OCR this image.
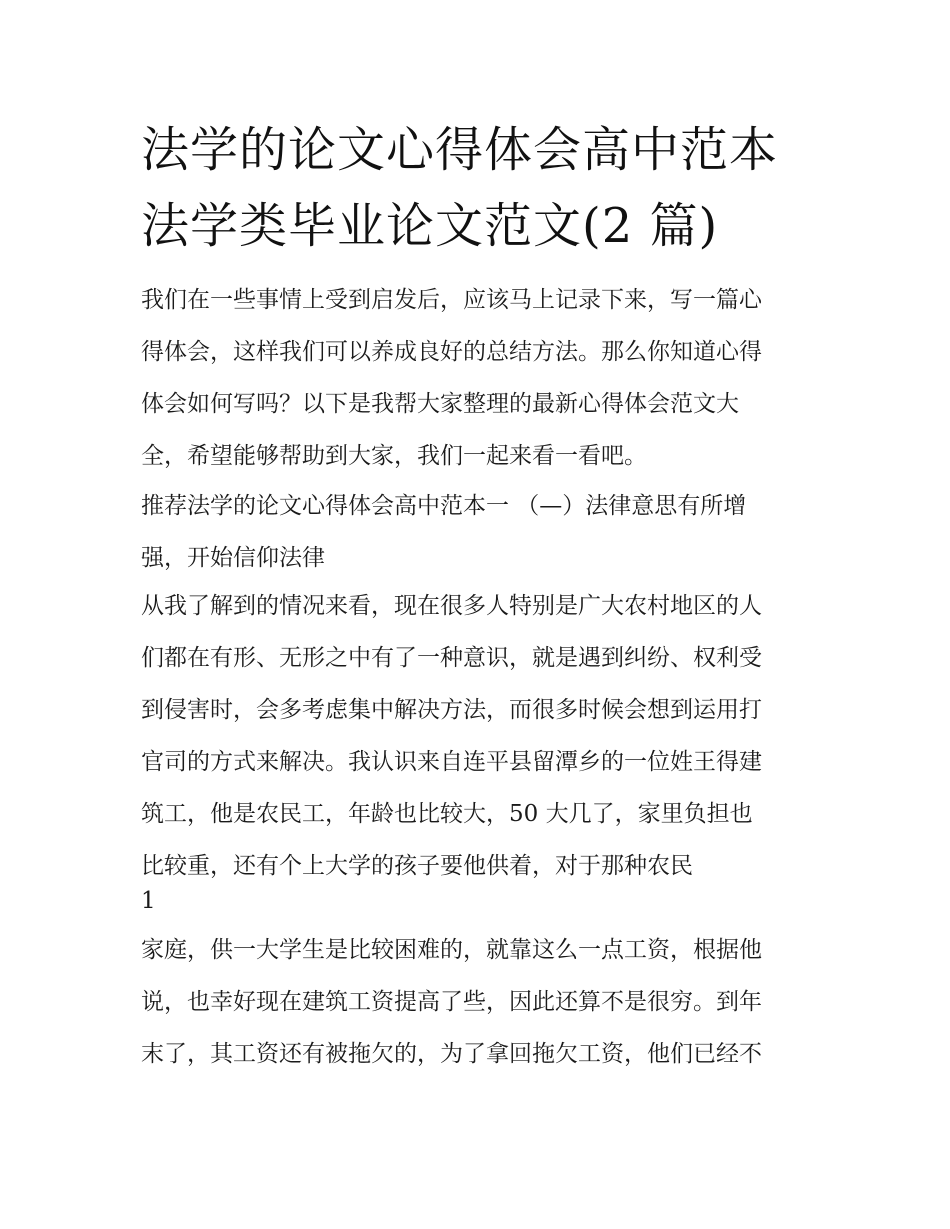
法学的论文心得体会高中范本
法学类毕业论文范文(2 篇)
我们在一些事情上受到启发后，应该马上记录下来，写一篇心
得体会，这样我们可以养成良好的总结方法。那么你知道心得
体会如何写吗？以下是我帮大家整理的最新心得体会范文大
全，希望能够帮助到大家，我们一起来看一看吧。
推荐法学的论文心得体会高中范本一 （—）法律意思有所增
强，开始信仰法律
从我了解到的情况来看，现在很多人特别是广大农村地区的人
们都在有形、无形之中有了一种意识，就是遇到纠纷、权利受
到侵害时，会多考虑集中解决方法，而很多时候会想到运用打
官司的方式来解决。我认识来自连平县留潭乡的一位姓王得建
筑工，他是农民工，年龄也比较大，50 大几了，家里负担也
比较重，还有个上大学的孩子要他供着，对于那种农民
1
家庭，供一大学生是比较困难的，就靠这么一点工资，根据他
说，也幸好现在建筑工资提高了些，因此还算不是很穷。到年
末了，其工资还有被拖欠的，为了拿回拖欠工资，他们已经不
